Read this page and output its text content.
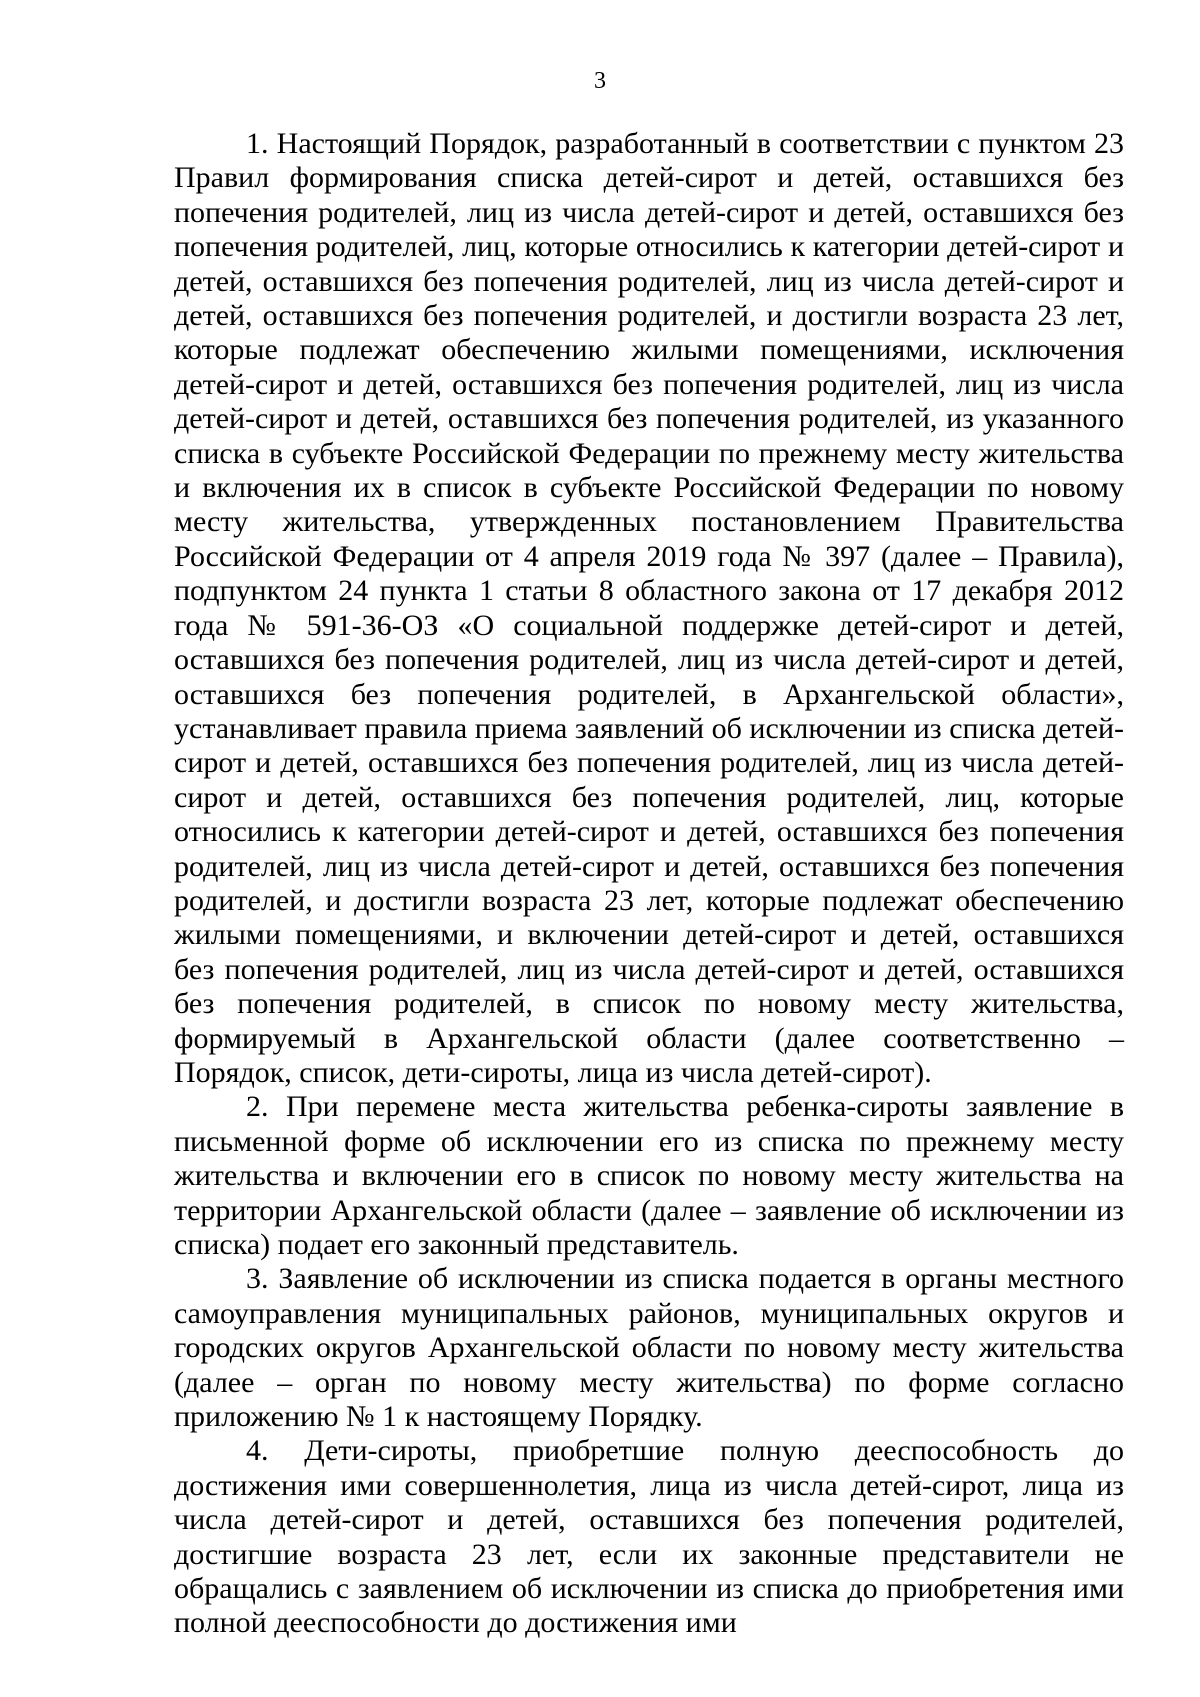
3

1. Настоящий Порядок, разработанный в соответствии с пунктом 23 Правил формирования списка детей-сирот и детей, оставшихся без попечения родителей, лиц из числа детей-сирот и детей, оставшихся без попечения родителей, лиц, которые относились к категории детей-сирот и детей, оставшихся без попечения родителей, лиц из числа детей-сирот и детей, оставшихся без попечения родителей, и достигли возраста 23 лет, которые подлежат обеспечению жилыми помещениями, исключения детей-сирот и детей, оставшихся без попечения родителей, лиц из числа детей-сирот и детей, оставшихся без попечения родителей, из указанного списка в субъекте Российской Федерации по прежнему месту жительства и включения их в список в субъекте Российской Федерации по новому месту жительства, утвержденных постановлением Правительства Российской Федерации от 4 апреля 2019 года № 397 (далее – Правила), подпунктом 24 пункта 1 статьи 8 областного закона от 17 декабря 2012 года № 591-36-ОЗ «О социальной поддержке детей-сирот и детей, оставшихся без попечения родителей, лиц из числа детей-сирот и детей, оставшихся без попечения родителей, в Архангельской области», устанавливает правила приема заявлений об исключении из списка детей-сирот и детей, оставшихся без попечения родителей, лиц из числа детей-сирот и детей, оставшихся без попечения родителей, лиц, которые относились к категории детей-сирот и детей, оставшихся без попечения родителей, лиц из числа детей-сирот и детей, оставшихся без попечения родителей, и достигли возраста 23 лет, которые подлежат обеспечению жилыми помещениями, и включении детей-сирот и детей, оставшихся без попечения родителей, лиц из числа детей-сирот и детей, оставшихся без попечения родителей, в список по новому месту жительства, формируемый в Архангельской области (далее соответственно – Порядок, список, дети-сироты, лица из числа детей-сирот).

2. При перемене места жительства ребенка-сироты заявление в письменной форме об исключении его из списка по прежнему месту жительства и включении его в список по новому месту жительства на территории Архангельской области (далее – заявление об исключении из списка) подает его законный представитель.

3. Заявление об исключении из списка подается в органы местного самоуправления муниципальных районов, муниципальных округов и городских округов Архангельской области по новому месту жительства (далее – орган по новому месту жительства) по форме согласно приложению № 1 к настоящему Порядку.

4. Дети-сироты, приобретшие полную дееспособность до достижения ими совершеннолетия, лица из числа детей-сирот, лица из числа детей-сирот и детей, оставшихся без попечения родителей, достигшие возраста 23 лет, если их законные представители не обращались с заявлением об исключении из списка до приобретения ими полной дееспособности до достижения ими
